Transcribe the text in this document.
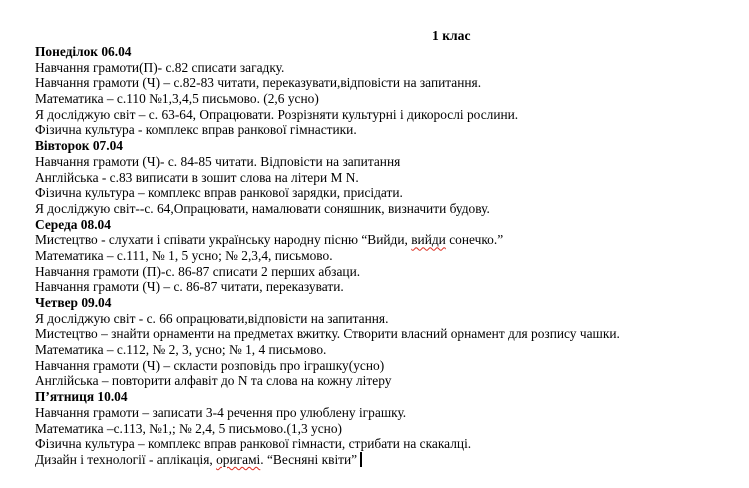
1 клас
Понеділок 06.04
Навчання грамоти(П)- с.82 списати загадку.
Навчання грамоти (Ч) – с.82-83 читати, переказувати,відповісти на запитання.
Математика – с.110 №1,3,4,5 письмово. (2,6 усно)
Я досліджую світ – с. 63-64, Опрацювати. Розрізняти культурні і дикорослі рослини.
Фізична культура - комплекс вправ ранкової гімнастики.
Вівторок 07.04
Навчання грамоти (Ч)- с. 84-85 читати. Відповісти на запитання
Англійська - с.83 виписати в зошит слова на літери M N.
Фізична культура – комплекс вправ ранкової зарядки, присідати.
Я досліджую світ--с. 64,Опрацювати, намалювати соняшник, визначити будову.
Середа 08.04
Мистецтво - слухати і співати українську народну пісню “Вийди, вийди сонечко.”
Математика – с.111, № 1, 5 усно; № 2,3,4, письмово.
Навчання грамоти (П)-с. 86-87 списати 2 перших абзаци.
Навчання грамоти (Ч) – с. 86-87 читати, переказувати.
Четвер 09.04
Я досліджую світ - с. 66 опрацювати,відповісти на запитання.
Мистецтво – знайти орнаменти на предметах вжитку. Створити власний орнамент для розпису чашки.
Математика – с.112, № 2, 3, усно; № 1, 4 письмово.
Навчання грамоти (Ч) – скласти розповідь про іграшку(усно)
Англійська – повторити алфавіт до N та слова на кожну літеру
П’ятниця 10.04
Навчання грамоти – записати 3-4 речення про улюблену іграшку.
Математика –с.113, №1,; № 2,4, 5 письмово.(1,3 усно)
Фізична культура – комплекс вправ ранкової гімнасти, стрибати на скакалці.
Дизайн і технології - аплікація, оригамі. “Весняні квіти”
